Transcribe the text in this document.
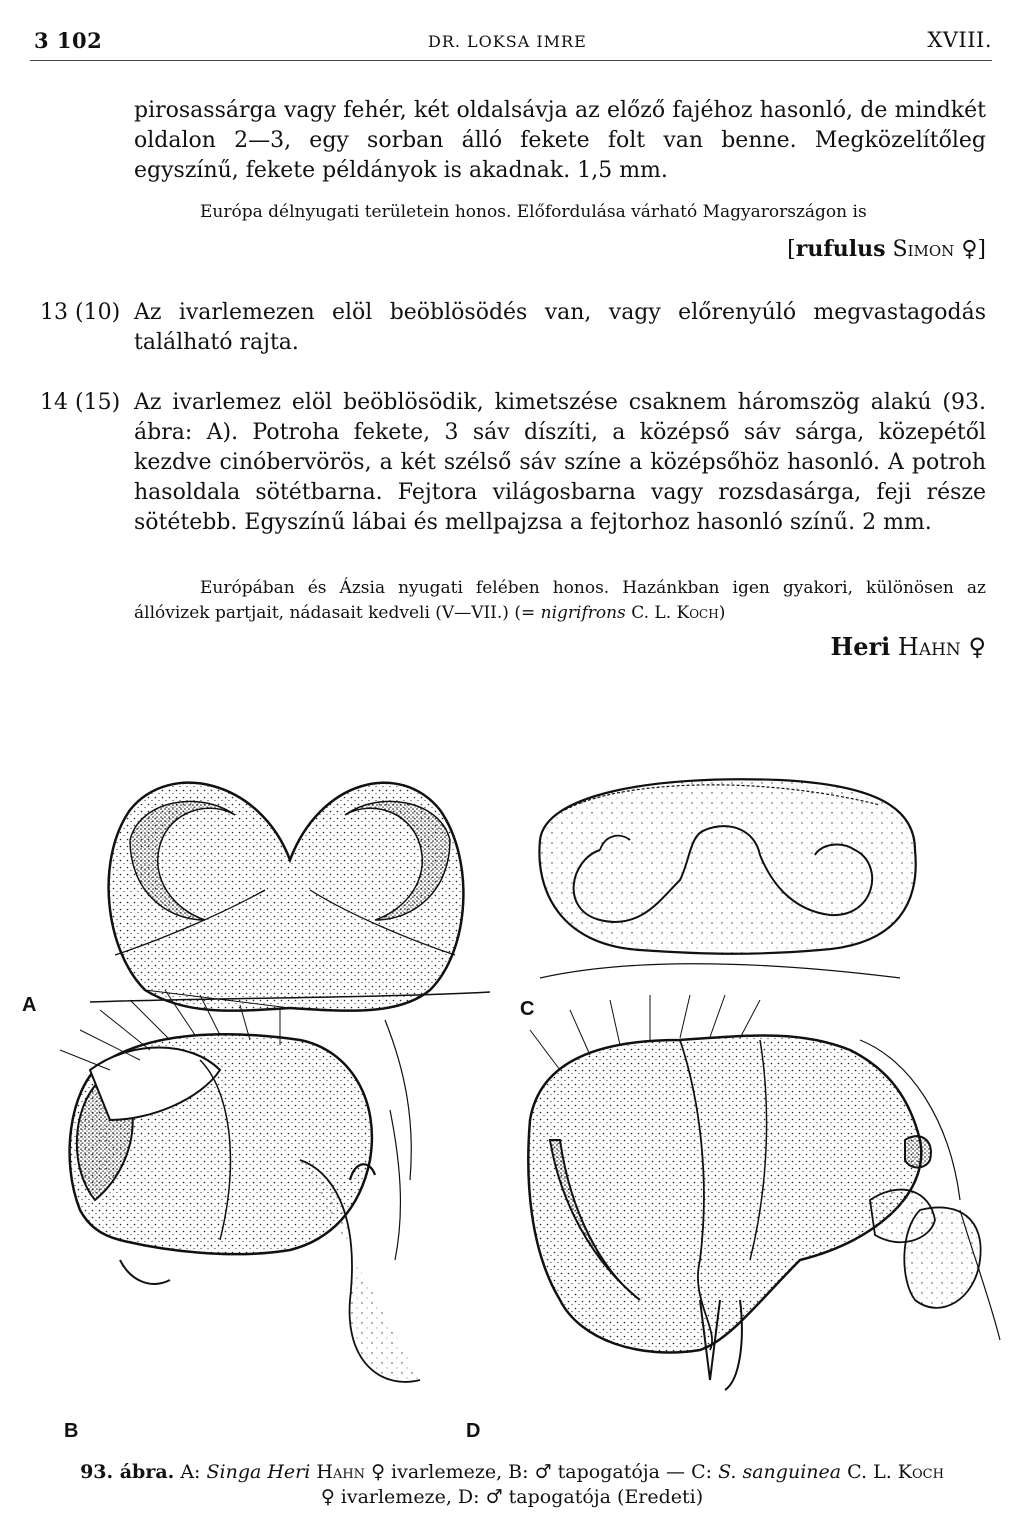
3 102	DR. LOKSA IMRE	XVIII.

pirosassárga vagy fehér, két oldalsávja az előző fajéhoz hasonló, de mindkét oldalon 2—3, egy sorban álló fekete folt van benne. Megközelítőleg egyszínű, fekete példányok is akadnak. 1,5 mm.

Európa délnyugati területein honos. Előfordulása várható Magyarországon is

[rufulus Simon ♀]
13 (10) Az ivarlemezen elöl beöblösödés van, vagy előrenyúló megvastagodás található rajta.

14 (15) Az ivarlemez elöl beöblösödik, kimetszése csaknem háromszög alakú (93. ábra: A). Potroha fekete, 3 sáv díszíti, a középső sáv sárga, közepétől kezdve cinóbervörös, a két szélső sáv színe a középsőhöz hasonló. A potroh hasoldala sötétbarna. Fejtora világosbarna vagy rozsdasárga, feji része sötétebb. Egyszínű lábai és mellpajzsa a fejtorhoz hasonló színű. 2 mm.

Európában és Ázsia nyugati felében honos. Hazánkban igen gyakori, különösen az állóvizek partjait, nádasait kedveli (V—VII.) (= nigrifrons C. L. Koch)

Heri Hahn ♀
A	C
B	D
93. ábra. A: Singa Heri Hahn ♀ ivarlemeze, B: ♂ tapogatója — C: S. sanguinea C. L. Koch
♀ ivarlemeze, D: ♂ tapogatója (Eredeti)
